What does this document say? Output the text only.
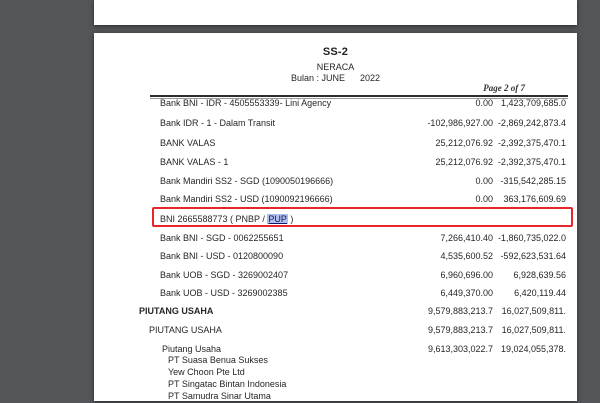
SS-2
NERACA
Bulan : JUNE      2022
Page 2 of 7
Bank BNI - IDR - 4505553339- Lini Agency	0.00 1,423,709,685.0
Bank IDR - 1 - Dalam Transit	-102,986,927.00 -2,869,242,873.4
BANK VALAS	25,212,076.92 -2,392,375,470.1
BANK VALAS - 1	25,212,076.92 -2,392,375,470.1
Bank Mandiri SS2 - SGD (1090050196666)	0.00 -315,542,285.15
Bank Mandiri SS2 - USD (1090092196666)	0.00 363,176,609.69
BNI 2665588773 ( PNBP / PUP )
Bank BNI - SGD - 0062255651	7,266,410.40 -1,860,735,022.0
Bank BNI - USD - 0120800090	4,535,600.52 -592,623,531.64
Bank UOB - SGD - 3269002407	6,960,696.00 6,928,639.56
Bank UOB - USD - 3269002385	6,449,370.00 6,420,119.44
PIUTANG USAHA	9,579,883,213.7 16,027,509,811.
PIUTANG USAHA	9,579,883,213.7 16,027,509,811.
Piutang Usaha	9,613,303,022.7 19,024,055,378.
PT Suasa Benua Sukses
Yew Choon Pte Ltd
PT Singatac Bintan Indonesia
PT Samudra Sinar Utama
